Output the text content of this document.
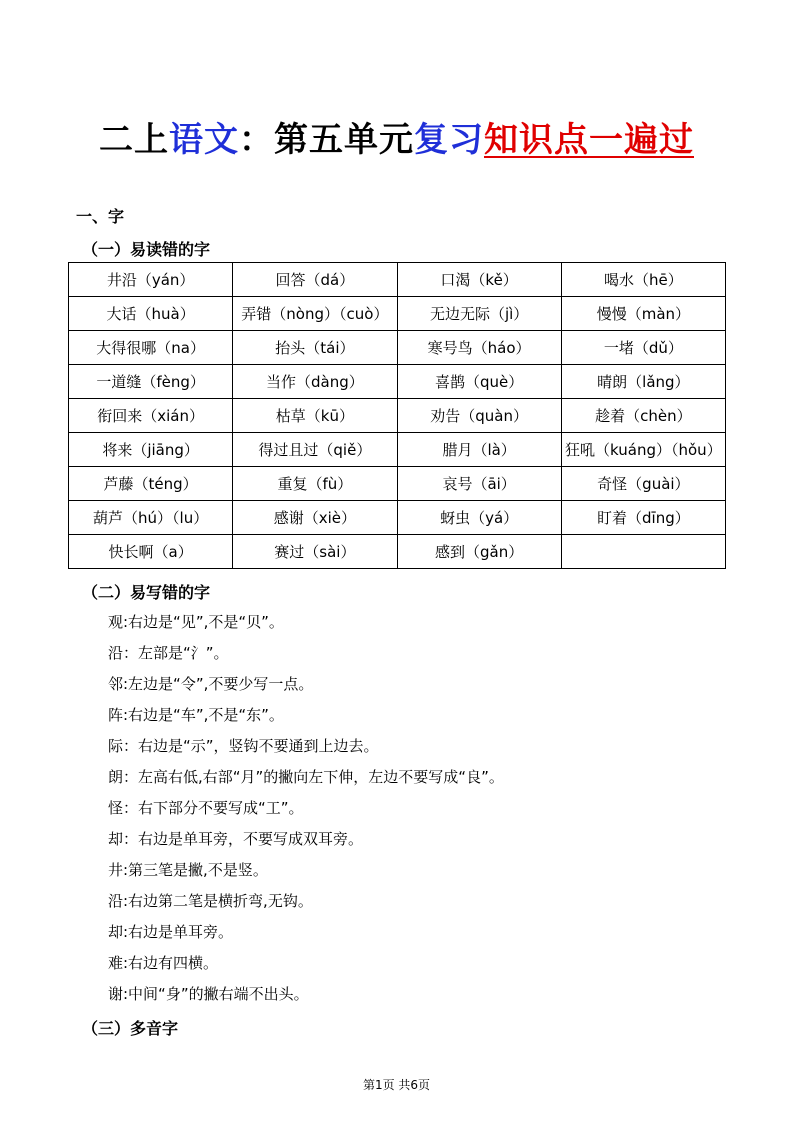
二上语文：第五单元复习知识点一遍过
一、字
（一）易读错的字
井沿（yán）	回答（dá）	口渴（kě）	喝水（hē）
大话（huà）	弄错（nòng）（cuò）	无边无际（jì）	慢慢（màn）
大得很哪（na）	抬头（tái）	寒号鸟（háo）	一堵（dǔ）
一道缝（fèng）	当作（dàng）	喜鹊（què）	晴朗（lǎng）
衔回来（xián）	枯草（kū）	劝告（quàn）	趁着（chèn）
将来（jiāng）	得过且过（qiě）	腊月（là）	狂吼（kuáng）（hǒu）
芦藤（téng）	重复（fù）	哀号（āi）	奇怪（guài）
葫芦（hú）（lu）	感谢（xiè）	蚜虫（yá）	盯着（dīng）
快长啊（a）	赛过（sài）	感到（gǎn）	
（二）易写错的字
观:右边是“见”,不是“贝”。
沿：左部是“氵”。
邻:左边是“令”,不要少写一点。
阵:右边是“车”,不是“东”。
际：右边是“示”，竖钩不要通到上边去。
朗：左高右低,右部“月”的撇向左下伸，左边不要写成“良”。
怪：右下部分不要写成“工”。
却：右边是单耳旁，不要写成双耳旁。
井:第三笔是撇,不是竖。
沿:右边第二笔是横折弯,无钩。
却:右边是单耳旁。
难:右边有四横。
谢:中间“身”的撇右端不出头。
（三）多音字
第1页 共6页
